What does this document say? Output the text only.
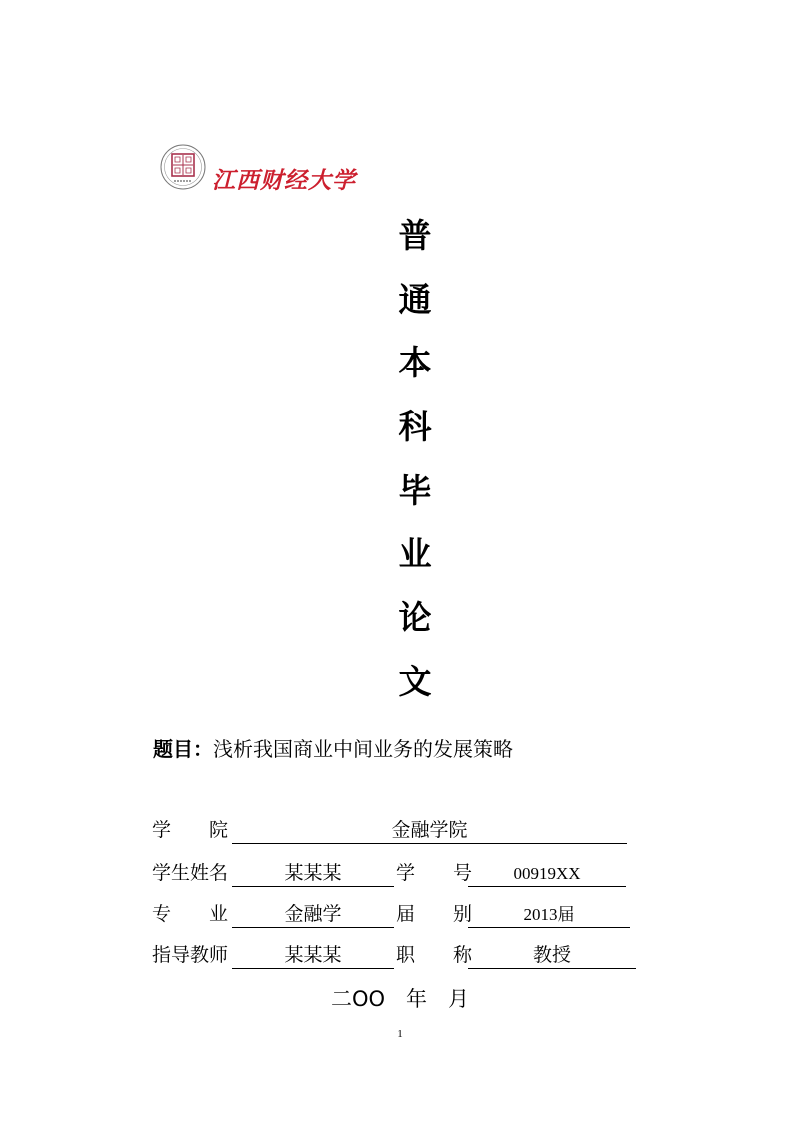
江西财经大学
普
通
本
科
毕
业
论
文
题目：浅析我国商业中间业务的发展策略
学　　院	金融学院
学生姓名	某某某	学　　号	00919XX
专　　业	金融学	届　　别	2013届
指导教师	某某某	职　　称	教授
二OO　年　月
1
